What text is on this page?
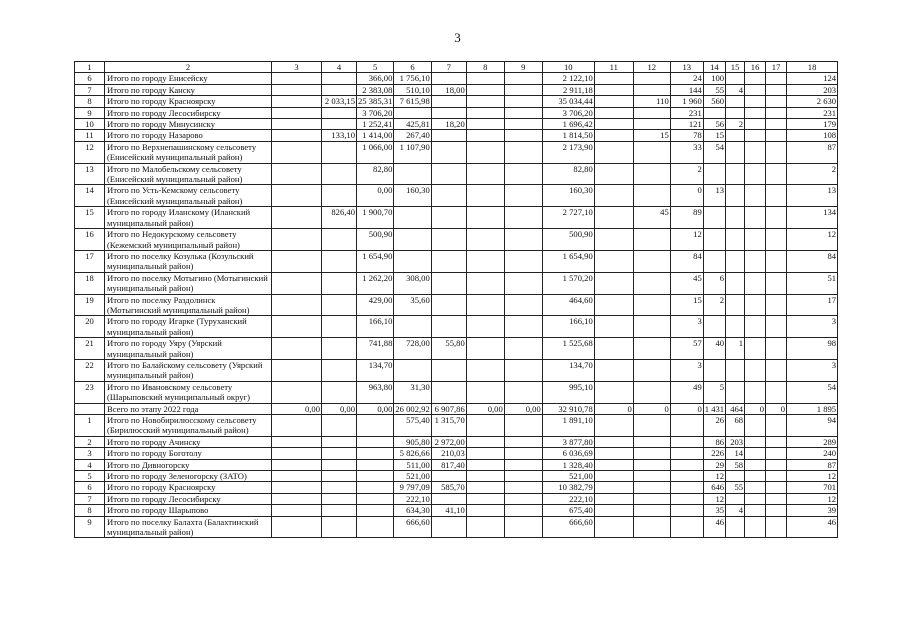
3
1	2	3	4	5	6	7	8	9	10	11	12	13	14	15	16	17	18
6	Итого по городу Енисейску			366,00	1 756,10				2 122,10			24	100				124
7	Итого по городу Канску			2 383,08	510,10	18,00			2 911,18			144	55	4			203
8	Итого по городу Красноярску		2 033,15	25 385,31	7 615,98				35 034,44		110	1 960	560				2 630
9	Итого по городу Лесосибирску			3 706,20					3 706,20			231					231
10	Итого по городу Минусинску			1 252,41	425,81	18,20			1 696,42			121	56	2			179
11	Итого по городу Назарово		133,10	1 414,00	267,40				1 814,50		15	78	15				108
12	Итого по Верхнепашинскому сельсовету (Енисейский муниципальный район)			1 066,00	1 107,90				2 173,90			33	54				87
13	Итого по Малобельскому сельсовету (Енисейский муниципальный район)			82,80					82,80			2					2
14	Итого по Усть-Кемскому сельсовету (Енисейский муниципальный район)			0,00	160,30				160,30			0	13				13
15	Итого по городу Иланскому (Иланский муниципальный район)		826,40	1 900,70					2 727,10		45	89					134
16	Итого по Недокурскому сельсовету (Кежемский муниципальный район)			500,90					500,90			12					12
17	Итого по поселку Козулька (Козульский муниципальный район)			1 654,90					1 654,90			84					84
18	Итого по поселку Мотыгино (Мотыгинский муниципальный район)			1 262,20	308,00				1 570,20			45	6				51
19	Итого по поселку Раздолинск (Мотыгинский муниципальный район)			429,00	35,60				464,60			15	2				17
20	Итого по городу Игарке (Туруханский муниципальный район)			166,10					166,10			3					3
21	Итого по городу Уяру (Уярский муниципальный район)			741,88	728,00	55,80			1 525,68			57	40	1			98
22	Итого по Балайскому сельсовету (Уярский муниципальный район)			134,70					134,70			3					3
23	Итого по Ивановскому сельсовету (Шарыповский муниципальный округ)			963,80	31,30				995,10			49	5				54
	Всего по этапу 2022 года	0,00	0,00	0,00	26 002,92	6 907,86	0,00	0,00	32 910,78	0	0	0	1 431	464	0	0	1 895
1	Итого по Новобирилюсскому сельсовету (Бирилюсский муниципальный район)				575,40	1 315,70			1 891,10				26	68			94
2	Итого по городу Ачинску				905,80	2 972,00			3 877,80				86	203			289
3	Итого по городу Боготолу				5 826,66	210,03			6 036,69				226	14			240
4	Итого по Дивногорску				511,00	817,40			1 328,40				29	58			87
5	Итого по городу Зеленогорску (ЗАТО)				521,00				521,00				12				12
6	Итого по городу Красноярску				9 797,09	585,70			10 382,79				646	55			701
7	Итого по городу Лесосибирску				222,10				222,10				12				12
8	Итого по городу Шарыпово				634,30	41,10			675,40				35	4			39
9	Итого по поселку Балахта (Балахтинский муниципальный район)				666,60				666,60				46				46
